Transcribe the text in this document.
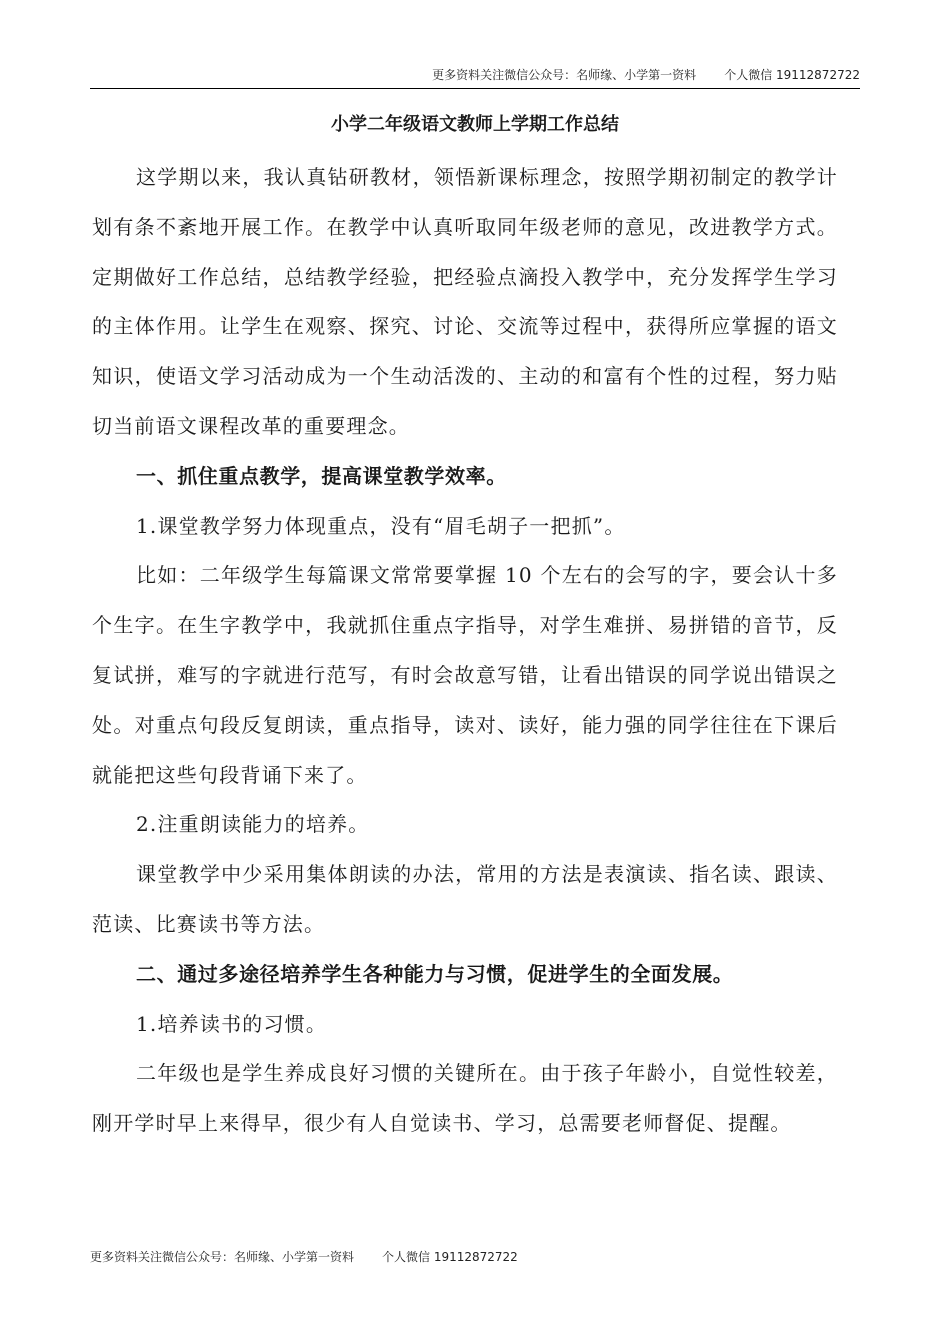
更多资料关注微信公众号：名师缘、小学第一资料 个人微信 19112872722
小学二年级语文教师上学期工作总结

这学期以来，我认真钻研教材，领悟新课标理念，按照学期初制定的教学计划有条不紊地开展工作。在教学中认真听取同年级老师的意见，改进教学方式。定期做好工作总结，总结教学经验，把经验点滴投入教学中，充分发挥学生学习的主体作用。让学生在观察、探究、讨论、交流等过程中，获得所应掌握的语文知识，使语文学习活动成为一个生动活泼的、主动的和富有个性的过程，努力贴切当前语文课程改革的重要理念。

一、抓住重点教学，提高课堂教学效率。

1.课堂教学努力体现重点，没有“眉毛胡子一把抓”。

比如：二年级学生每篇课文常常要掌握 10 个左右的会写的字，要会认十多个生字。在生字教学中，我就抓住重点字指导，对学生难拼、易拼错的音节，反复试拼，难写的字就进行范写，有时会故意写错，让看出错误的同学说出错误之处。对重点句段反复朗读，重点指导，读对、读好，能力强的同学往往在下课后就能把这些句段背诵下来了。

2.注重朗读能力的培养。

课堂教学中少采用集体朗读的办法，常用的方法是表演读、指名读、跟读、范读、比赛读书等方法。

二、通过多途径培养学生各种能力与习惯，促进学生的全面发展。

1.培养读书的习惯。

二年级也是学生养成良好习惯的关键所在。由于孩子年龄小，自觉性较差，刚开学时早上来得早，很少有人自觉读书、学习，总需要老师督促、提醒。

更多资料关注微信公众号：名师缘、小学第一资料 个人微信 19112872722
